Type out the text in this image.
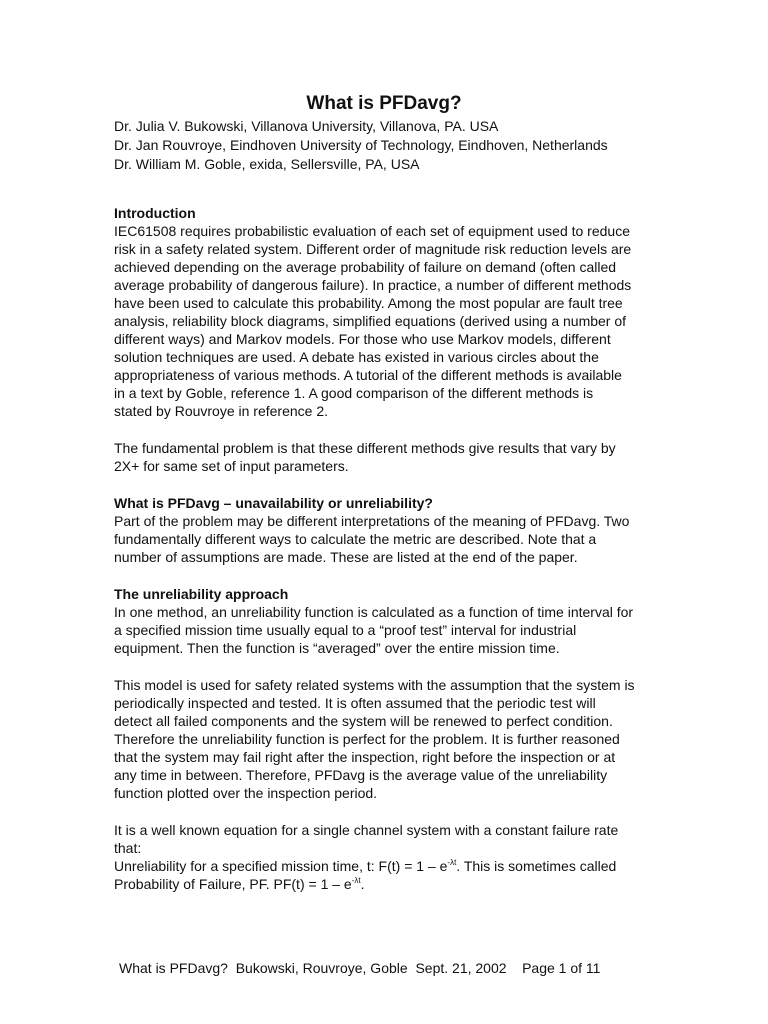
What is PFDavg?
Dr. Julia V. Bukowski, Villanova University, Villanova, PA. USA
Dr. Jan Rouvroye, Eindhoven University of Technology, Eindhoven, Netherlands
Dr. William M. Goble, exida, Sellersville, PA, USA
Introduction

IEC61508 requires probabilistic evaluation of each set of equipment used to reduce
risk in a safety related system. Different order of magnitude risk reduction levels are
achieved depending on the average probability of failure on demand (often called
average probability of dangerous failure). In practice, a number of different methods
have been used to calculate this probability. Among the most popular are fault tree
analysis, reliability block diagrams, simplified equations (derived using a number of
different ways) and Markov models. For those who use Markov models, different
solution techniques are used. A debate has existed in various circles about the
appropriateness of various methods. A tutorial of the different methods is available
in a text by Goble, reference 1. A good comparison of the different methods is
stated by Rouvroye in reference 2.

The fundamental problem is that these different methods give results that vary by
2X+ for same set of input parameters.

What is PFDavg – unavailability or unreliability?

Part of the problem may be different interpretations of the meaning of PFDavg. Two
fundamentally different ways to calculate the metric are described. Note that a
number of assumptions are made. These are listed at the end of the paper.

The unreliability approach

In one method, an unreliability function is calculated as a function of time interval for
a specified mission time usually equal to a “proof test” interval for industrial
equipment. Then the function is “averaged” over the entire mission time.

This model is used for safety related systems with the assumption that the system is
periodically inspected and tested. It is often assumed that the periodic test will
detect all failed components and the system will be renewed to perfect condition.
Therefore the unreliability function is perfect for the problem. It is further reasoned
that the system may fail right after the inspection, right before the inspection or at
any time in between. Therefore, PFDavg is the average value of the unreliability
function plotted over the inspection period.

It is a well known equation for a single channel system with a constant failure rate
that:
Unreliability for a specified mission time, t: $F(t) = 1 - e^{-\lambda t}$. This is sometimes called
Probability of Failure, PF. $PF(t) = 1 - e^{-\lambda t}$.

What is PFDavg?  Bukowski, Rouvroye, Goble  Sept. 21, 2002    Page 1 of 11
